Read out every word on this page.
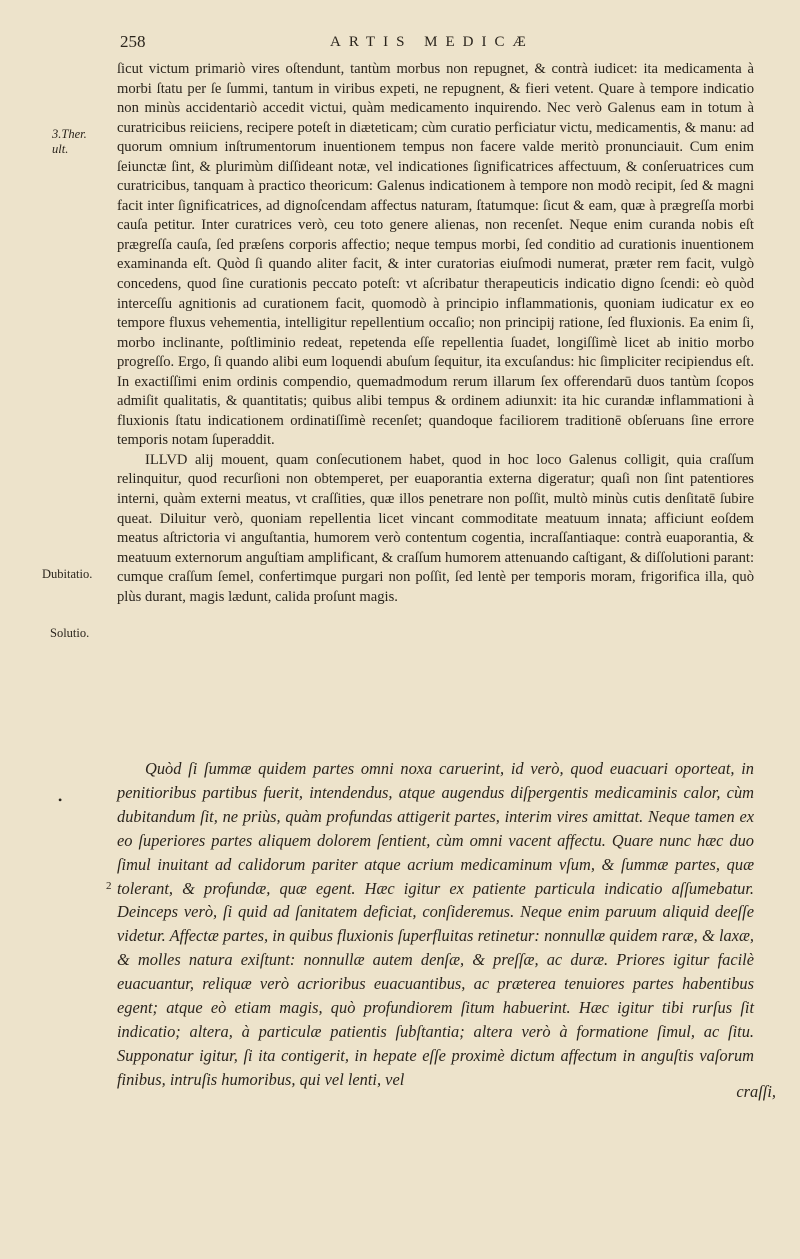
258	ARTIS MEDICÆ
3.Ther.
ult.
Dubitatio.
Solutio.

ſicut victum primariò vires oſtendunt, tantùm morbus non repugnet, & contrà iudicet: ita medicamenta à morbi ſtatu per ſe ſummi, tantum in viribus expeti, ne repugnent, & fieri vetent. Quare à tempore indicatio non minùs accidentariò accedit victui, quàm medicamento inquirendo. Nec verò Galenus eam in totum à curatricibus reiiciens, recipere poteſt in diæteticam; cùm curatio perficiatur victu, medicamentis, & manu: ad quorum omnium inſtrumentorum inuentionem tempus non facere valde meritò pronunciauit. Cum enim ſeiunctæ ſint, & plurimùm diſſideant notæ, vel indicationes ſignificatrices affectuum, & conſeruatrices cum curatricibus, tanquam à practico theoricum: Galenus indicationem à tempore non modò recipit, ſed & magni facit inter ſignificatrices, ad dignoſcendam affectus naturam, ſtatumque: ſicut & eam, quæ à prægreſſa morbi cauſa petitur. Inter curatrices verò, ceu toto genere alienas, non recenſet. Neque enim curanda nobis eſt prægreſſa cauſa, ſed præſens corporis affectio; neque tempus morbi, ſed conditio ad curationis inuentionem examinanda eſt. Quòd ſi quando aliter facit, & inter curatorias eiuſmodi numerat, præter rem facit, vulgò concedens, quod ſine curationis peccato poteſt: vt aſcribatur therapeuticis indicatio digno ſcendi: eò quòd interceſſu agnitionis ad curationem facit, quomodò à principio inflammationis, quoniam iudicatur ex eo tempore fluxus vehementia, intelligitur repellentium occaſio; non principij ratione, ſed fluxionis. Ea enim ſi, morbo inclinante, poſtliminio redeat, repetenda eſſe repellentia ſuadet, longiſſimè licet ab initio morbo progreſſo. Ergo, ſi quando alibi eum loquendi abuſum ſequitur, ita excuſandus: hic ſimpliciter recipiendus eſt. In exactiſſimi enim ordinis compendio, quemadmodum rerum illarum ſex offerendarū duos tantùm ſcopos admiſit qualitatis, & quantitatis; quibus alibi tempus & ordinem adiunxit: ita hic curandæ inflammationi à fluxionis ſtatu indicationem ordinatiſſimè recenſet; quandoque faciliorem traditionē obſeruans ſine errore temporis notam ſuperaddit.

ILLVD alij mouent, quam conſecutionem habet, quod in hoc loco Galenus colligit, quia craſſum relinquitur, quod recurſioni non obtemperet, per euaporantia externa digeratur; quaſi non ſint patentiores interni, quàm externi meatus, vt craſſities, quæ illos penetrare non poſſit, multò minùs cutis denſitatē ſubire queat. Diluitur verò, quoniam repellentia licet vincant commoditate meatuum innata; afficiunt eoſdem meatus aſtrictoria vi anguſtantia, humorem verò contentum cogentia, incraſſantiaque: contrà euaporantia, & meatuum externorum anguſtiam amplificant, & craſſum humorem attenuando caſtigant, & diſſolutioni parant: cumque craſſum ſemel, confertimque purgari non poſſit, ſed lentè per temporis moram, frigorifica illa, quò plùs durant, magis lædunt, calida proſunt magis.

•
2

Quòd ſi ſummæ quidem partes omni noxa caruerint, id verò, quod euacuari oporteat, in penitioribus partibus fuerit, intendendus, atque augendus diſpergentis medicaminis calor, cùm dubitandum ſit, ne priùs, quàm profundas attigerit partes, interim vires amittat. Neque tamen ex eo ſuperiores partes aliquem dolorem ſentient, cùm omni vacent affectu. Quare nunc hæc duo ſimul inuitant ad calidorum pariter atque acrium medicaminum vſum, & ſummæ partes, quæ tolerant, & profundæ, quæ egent. Hæc igitur ex patiente particula indicatio aſſumebatur. Deinceps verò, ſi quid ad ſanitatem deficiat, conſideremus. Neque enim paruum aliquid deeſſe videtur. Affectæ partes, in quibus fluxionis ſuperfluitas retinetur: nonnullæ quidem raræ, & laxæ, & molles natura exiſtunt: nonnullæ autem denſæ, & preſſæ, ac duræ. Priores igitur facilè euacuantur, reliquæ verò acrioribus euacuantibus, ac præterea tenuiores partes habentibus egent; atque eò etiam magis, quò profundiorem ſitum habuerint. Hæc igitur tibi rurſus ſit indicatio; altera, à particulæ patientis ſubſtantia; altera verò à formatione ſimul, ac ſitu. Supponatur igitur, ſi ita contigerit, in hepate eſſe proximè dictum affectum in anguſtis vaſorum finibus, intruſis humoribus, qui vel lenti, vel

craſſi,
